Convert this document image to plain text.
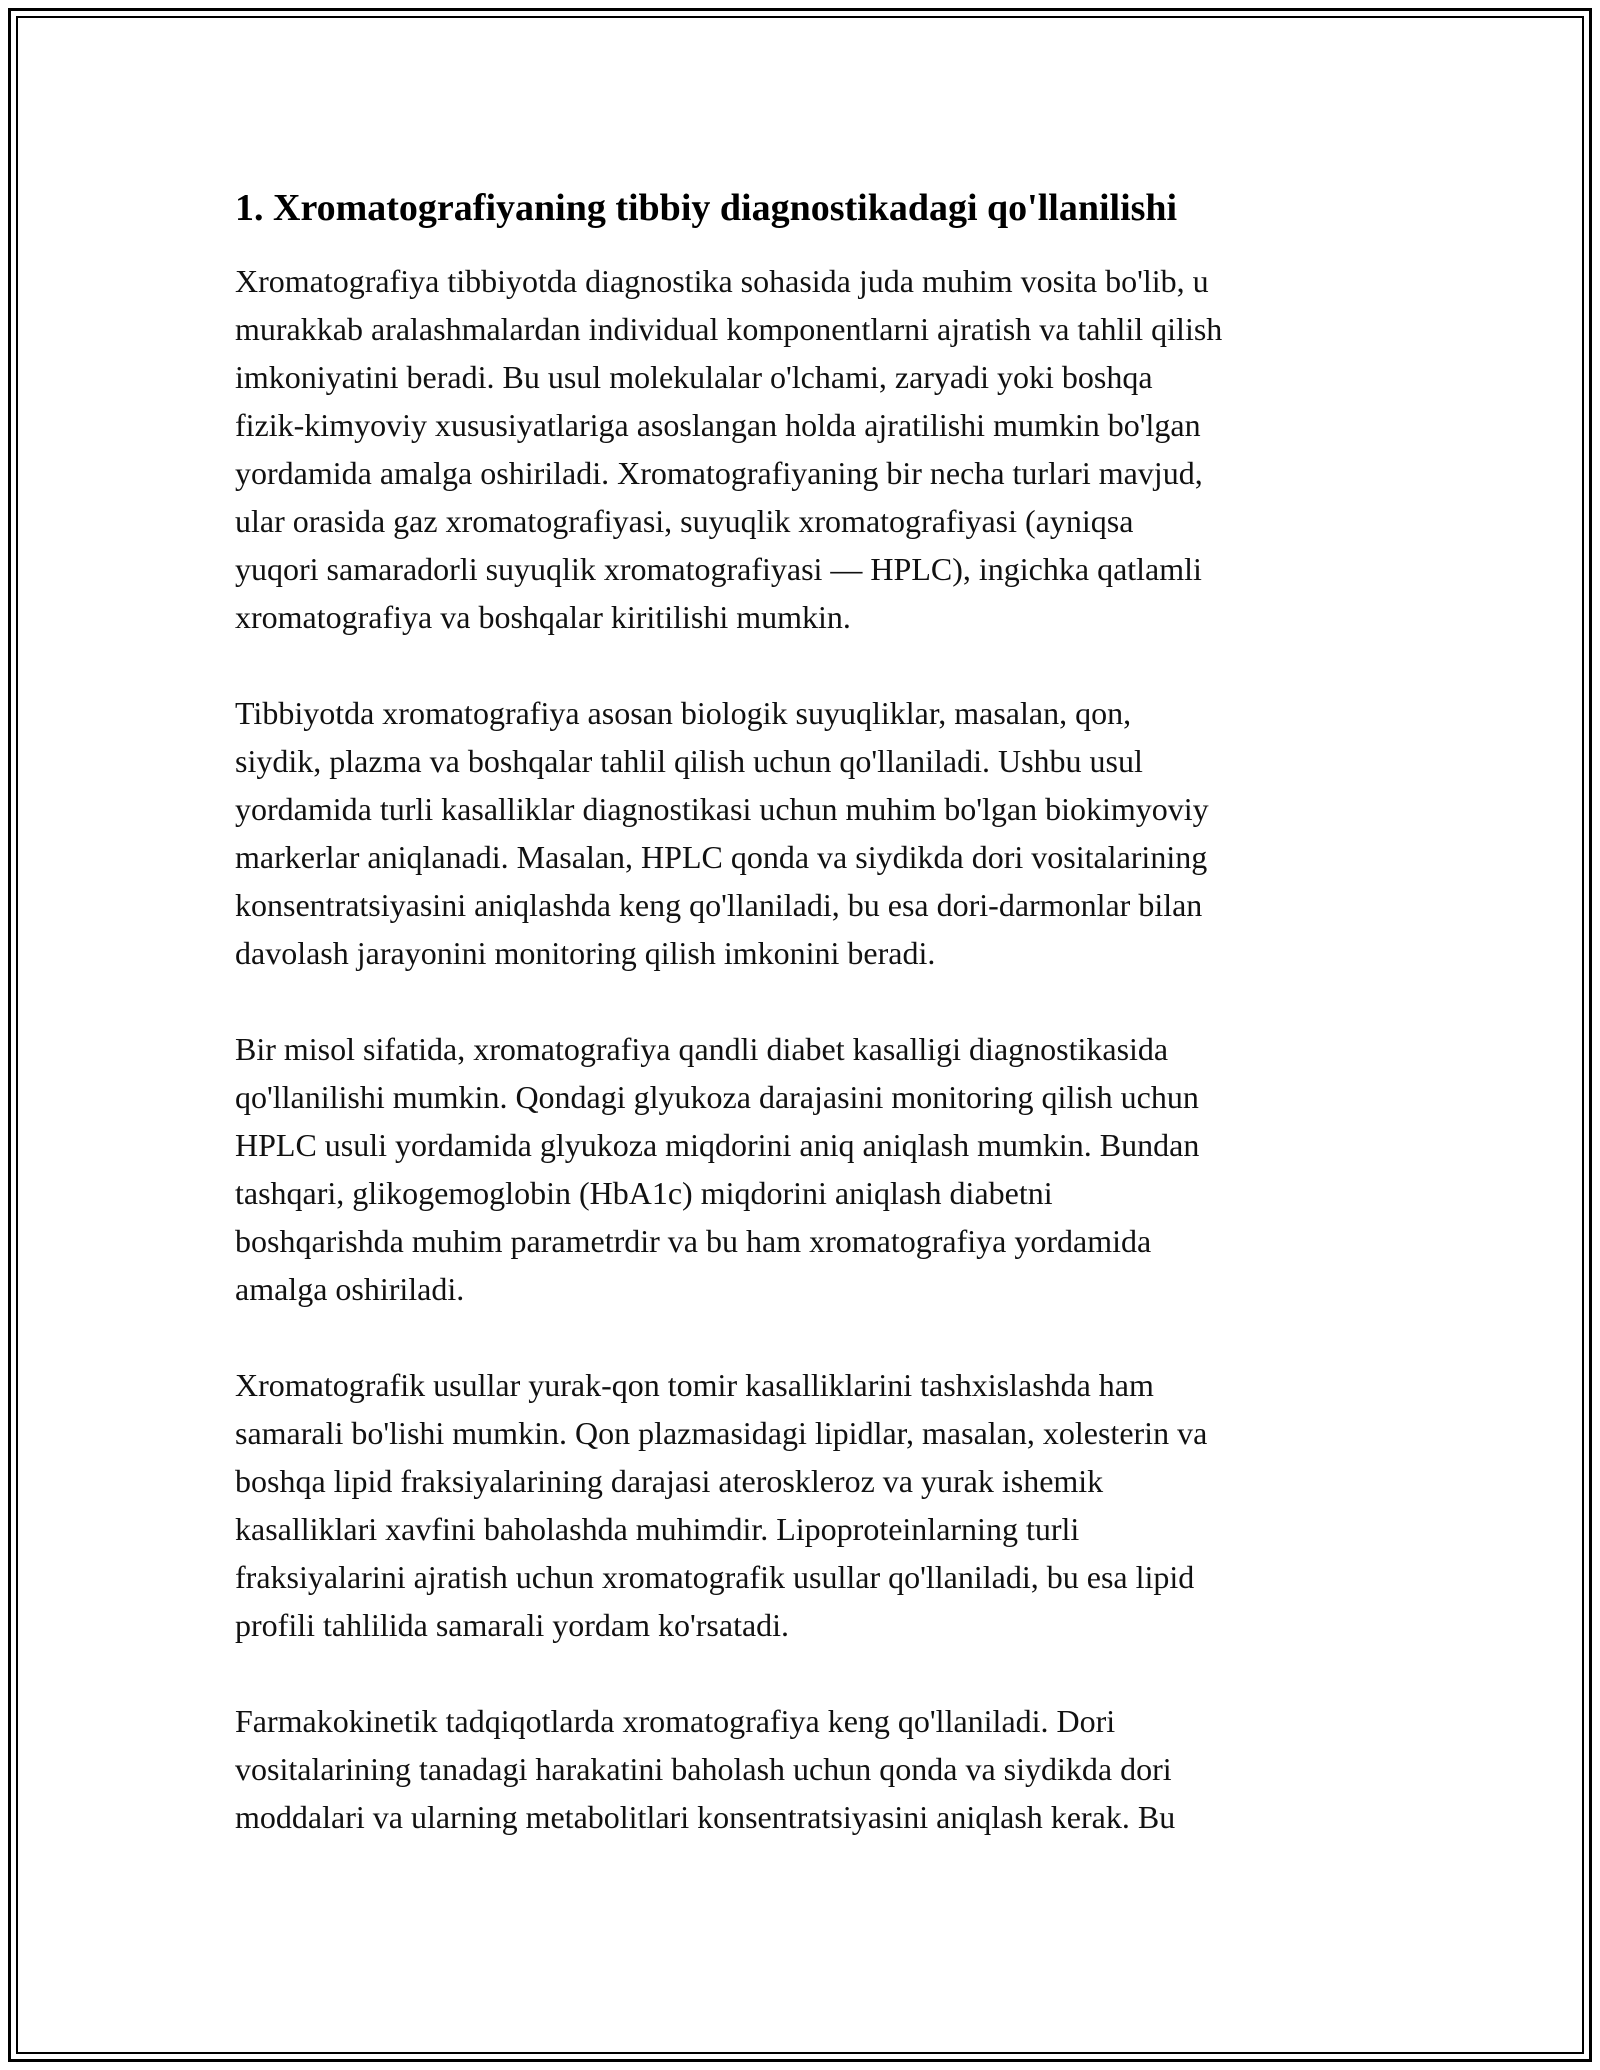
1. Xromatografiyaning tibbiy diagnostikadagi qo'llanilishi

Xromatografiya tibbiyotda diagnostika sohasida juda muhim vosita bo'lib, u
murakkab aralashmalardan individual komponentlarni ajratish va tahlil qilish
imkoniyatini beradi. Bu usul molekulalar o'lchami, zaryadi yoki boshqa
fizik-kimyoviy xususiyatlariga asoslangan holda ajratilishi mumkin bo'lgan
yordamida amalga oshiriladi. Xromatografiyaning bir necha turlari mavjud,
ular orasida gaz xromatografiyasi, suyuqlik xromatografiyasi (ayniqsa
yuqori samaradorli suyuqlik xromatografiyasi — HPLC), ingichka qatlamli
xromatografiya va boshqalar kiritilishi mumkin.

Tibbiyotda xromatografiya asosan biologik suyuqliklar, masalan, qon,
siydik, plazma va boshqalar tahlil qilish uchun qo'llaniladi. Ushbu usul
yordamida turli kasalliklar diagnostikasi uchun muhim bo'lgan biokimyoviy
markerlar aniqlanadi. Masalan, HPLC qonda va siydikda dori vositalarining
konsentratsiyasini aniqlashda keng qo'llaniladi, bu esa dori-darmonlar bilan
davolash jarayonini monitoring qilish imkonini beradi.

Bir misol sifatida, xromatografiya qandli diabet kasalligi diagnostikasida
qo'llanilishi mumkin. Qondagi glyukoza darajasini monitoring qilish uchun
HPLC usuli yordamida glyukoza miqdorini aniq aniqlash mumkin. Bundan
tashqari, glikogemoglobin (HbA1c) miqdorini aniqlash diabetni
boshqarishda muhim parametrdir va bu ham xromatografiya yordamida
amalga oshiriladi.

Xromatografik usullar yurak-qon tomir kasalliklarini tashxislashda ham
samarali bo'lishi mumkin. Qon plazmasidagi lipidlar, masalan, xolesterin va
boshqa lipid fraksiyalarining darajasi ateroskleroz va yurak ishemik
kasalliklari xavfini baholashda muhimdir. Lipoproteinlarning turli
fraksiyalarini ajratish uchun xromatografik usullar qo'llaniladi, bu esa lipid
profili tahlilida samarali yordam ko'rsatadi.

Farmakokinetik tadqiqotlarda xromatografiya keng qo'llaniladi. Dori
vositalarining tanadagi harakatini baholash uchun qonda va siydikda dori
moddalari va ularning metabolitlari konsentratsiyasini aniqlash kerak. Bu
